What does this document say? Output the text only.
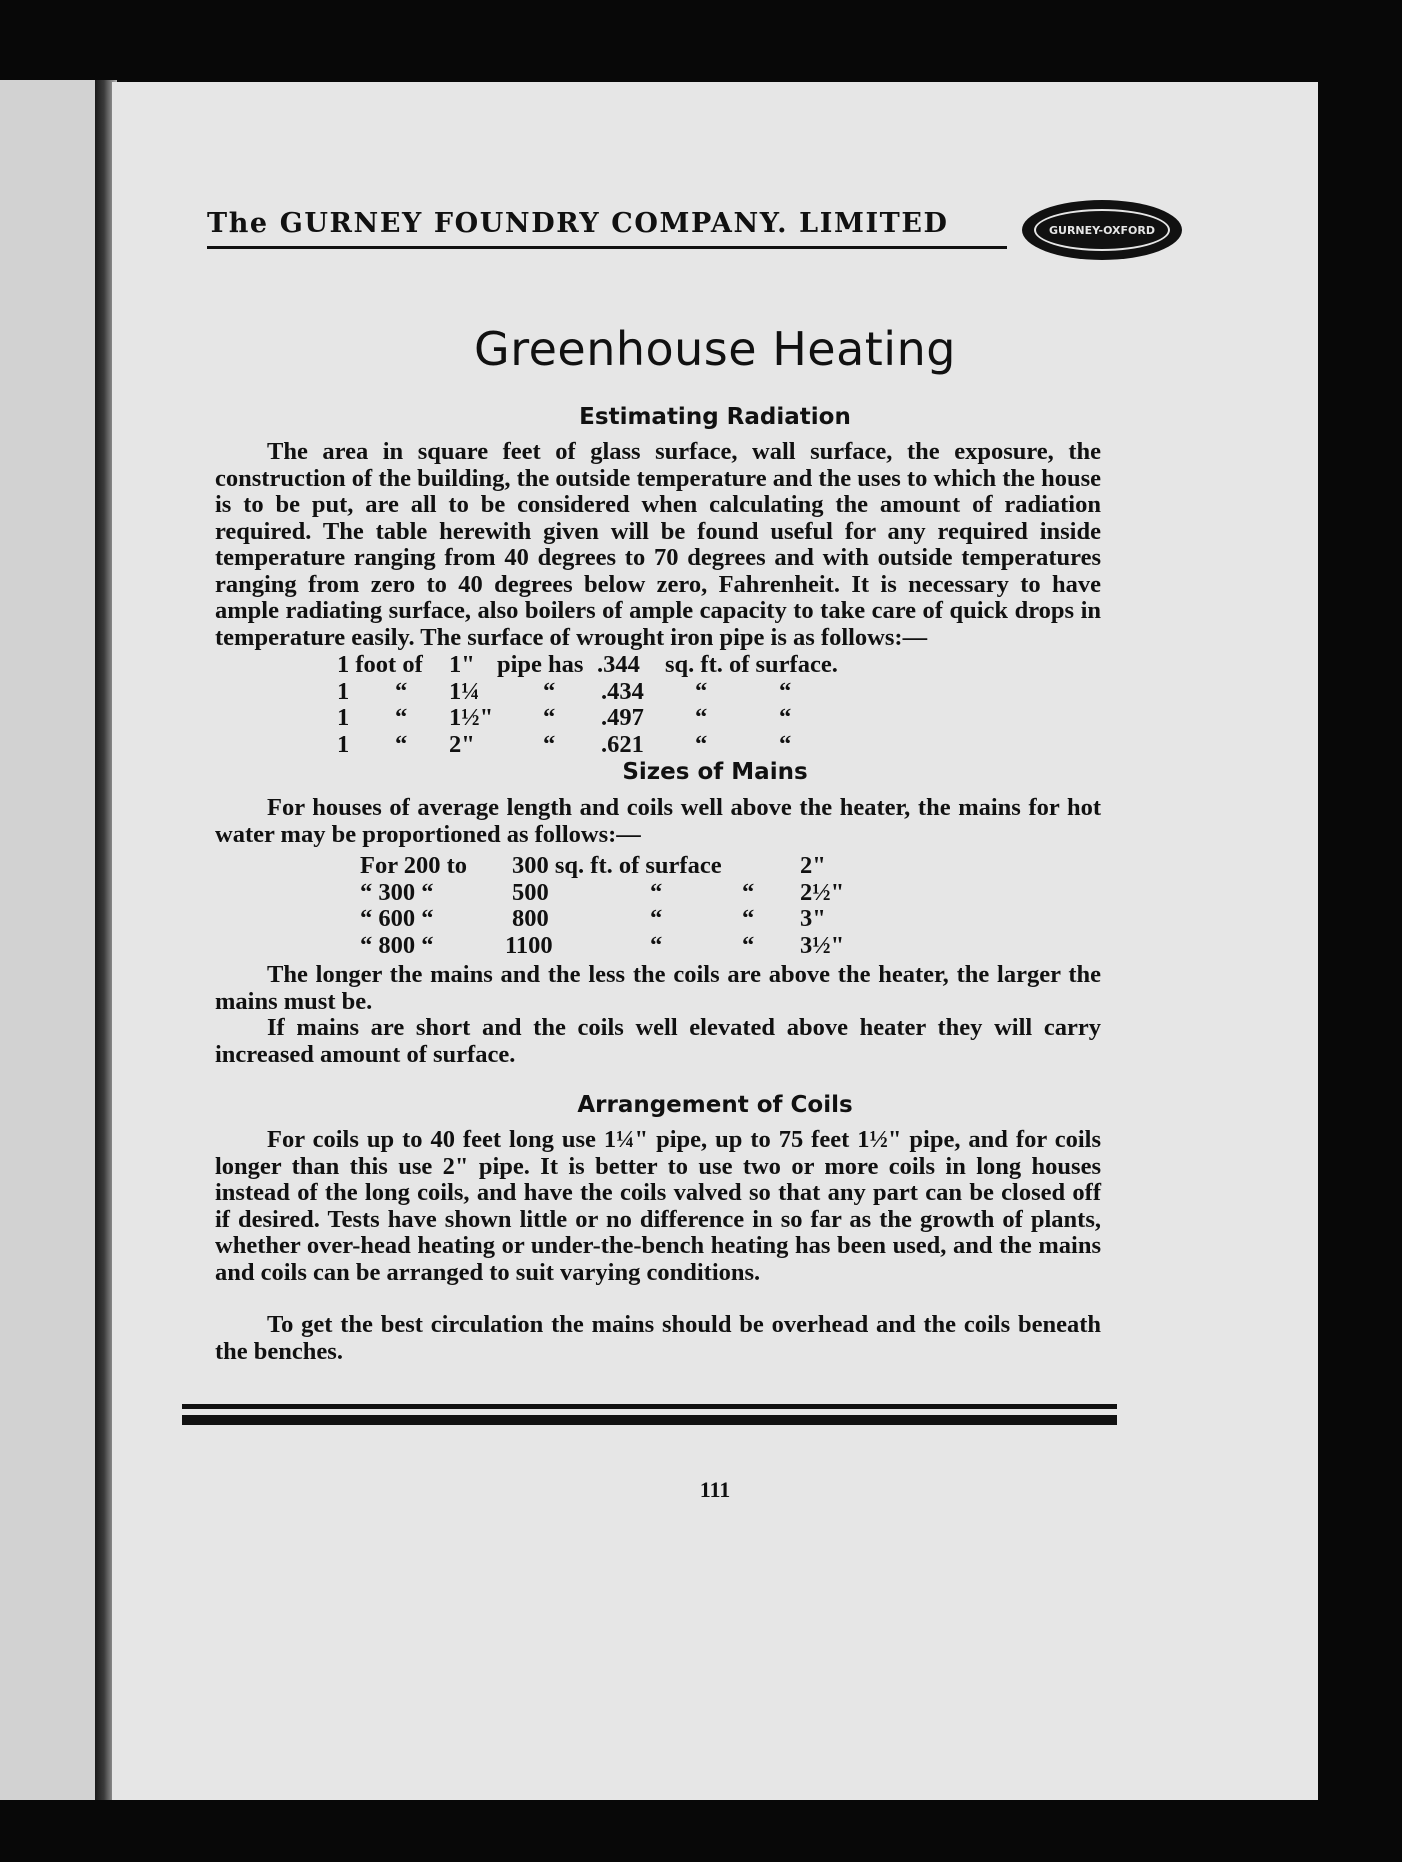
The GURNEY FOUNDRY COMPANY. LIMITED	GURNEY-OXFORD
Greenhouse Heating
Estimating Radiation
The area in square feet of glass surface, wall surface, the exposure, the construction of the building, the outside temperature and the uses to which the house is to be put, are all to be considered when calculating the amount of radiation required. The table herewith given will be found useful for any required inside temperature ranging from 40 degrees to 70 degrees and with outside temperatures ranging from zero to 40 degrees below zero, Fahrenheit. It is necessary to have ample radiating surface, also boilers of ample capacity to take care of quick drops in temperature easily. The surface of wrought iron pipe is as follows:—
1 foot of 1" pipe has .344 sq. ft. of surface.
1 “ 1¼	“ .434 “	“
1 “ 1½" “ .497 “	“
1 “ 2"	“ .621 “	“
Sizes of Mains
For houses of average length and coils well above the heater, the mains for hot water may be proportioned as follows:—
For 200 to 300 sq. ft. of surface	2"
“ 300 “	500	“	“ 2½"
“ 600 “	800	“	“ 3"
“ 800 “	1100	“	“ 3½"
The longer the mains and the less the coils are above the heater, the larger the mains must be.
If mains are short and the coils well elevated above heater they will carry increased amount of surface.
Arrangement of Coils
For coils up to 40 feet long use 1¼" pipe, up to 75 feet 1½" pipe, and for coils longer than this use 2" pipe. It is better to use two or more coils in long houses instead of the long coils, and have the coils valved so that any part can be closed off if desired. Tests have shown little or no difference in so far as the growth of plants, whether over-head heating or under-the-bench heating has been used, and the mains and coils can be arranged to suit varying conditions.
To get the best circulation the mains should be overhead and the coils beneath the benches.
111
